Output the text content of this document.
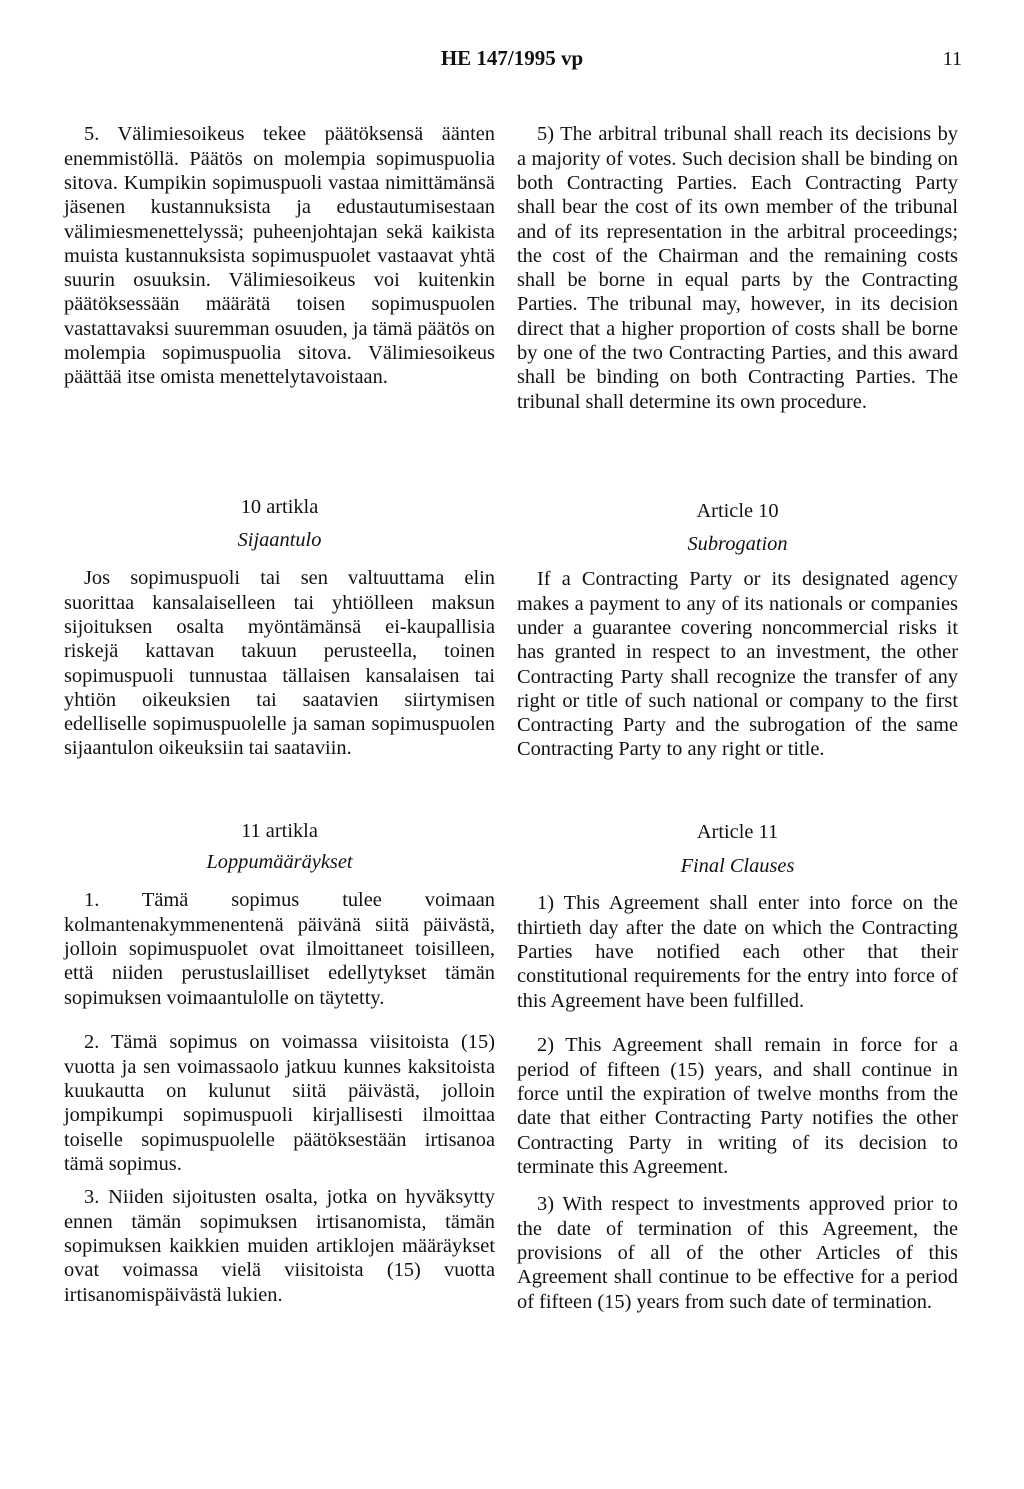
HE 147/1995 vp	11

5. Välimiesoikeus tekee päätöksensä äänten enemmistöllä. Päätös on molempia sopimuspuolia sitova. Kumpikin sopimuspuoli vastaa nimittämänsä jäsenen kustannuksista ja edustautumisestaan välimiesmenettelyssä; puheenjohtajan sekä kaikista muista kustannuksista sopimuspuolet vastaavat yhtä suurin osuuksin. Välimiesoikeus voi kuitenkin päätöksessään määrätä toisen sopimuspuolen vastattavaksi suuremman osuuden, ja tämä päätös on molempia sopimuspuolia sitova. Välimiesoikeus päättää itse omista menettelytavoistaan.

10 artikla

Sijaantulo

Jos sopimuspuoli tai sen valtuuttama elin suorittaa kansalaiselleen tai yhtiölleen maksun sijoituksen osalta myöntämänsä ei-kaupallisia riskejä kattavan takuun perusteella, toinen sopimuspuoli tunnustaa tällaisen kansalaisen tai yhtiön oikeuksien tai saatavien siirtymisen edelliselle sopimuspuolelle ja saman sopimuspuolen sijaantulon oikeuksiin tai saataviin.

11 artikla

Loppumääräykset

1. Tämä sopimus tulee voimaan kolmantenakymmenentenä päivänä siitä päivästä, jolloin sopimuspuolet ovat ilmoittaneet toisilleen, että niiden perustuslailliset edellytykset tämän sopimuksen voimaantulolle on täytetty.

2. Tämä sopimus on voimassa viisitoista (15) vuotta ja sen voimassaolo jatkuu kunnes kaksitoista kuukautta on kulunut siitä päivästä, jolloin jompikumpi sopimuspuoli kirjallisesti ilmoittaa toiselle sopimuspuolelle päätöksestään irtisanoa tämä sopimus.

3. Niiden sijoitusten osalta, jotka on hyväksytty ennen tämän sopimuksen irtisanomista, tämän sopimuksen kaikkien muiden artiklojen määräykset ovat voimassa vielä viisitoista (15) vuotta irtisanomispäivästä lukien.

5) The arbitral tribunal shall reach its decisions by a majority of votes. Such decision shall be binding on both Contracting Parties. Each Contracting Party shall bear the cost of its own member of the tribunal and of its representation in the arbitral proceedings; the cost of the Chairman and the remaining costs shall be borne in equal parts by the Contracting Parties. The tribunal may, however, in its decision direct that a higher proportion of costs shall be borne by one of the two Contracting Parties, and this award shall be binding on both Contracting Parties. The tribunal shall determine its own procedure.

Article 10

Subrogation

If a Contracting Party or its designated agency makes a payment to any of its nationals or companies under a guarantee covering noncommercial risks it has granted in respect to an investment, the other Contracting Party shall recognize the transfer of any right or title of such national or company to the first Contracting Party and the subrogation of the same Contracting Party to any right or title.

Article 11

Final Clauses

1) This Agreement shall enter into force on the thirtieth day after the date on which the Contracting Parties have notified each other that their constitutional requirements for the entry into force of this Agreement have been fulfilled.

2) This Agreement shall remain in force for a period of fifteen (15) years, and shall continue in force until the expiration of twelve months from the date that either Contracting Party notifies the other Contracting Party in writing of its decision to terminate this Agreement.

3) With respect to investments approved prior to the date of termination of this Agreement, the provisions of all of the other Articles of this Agreement shall continue to be effective for a period of fifteen (15) years from such date of termination.
